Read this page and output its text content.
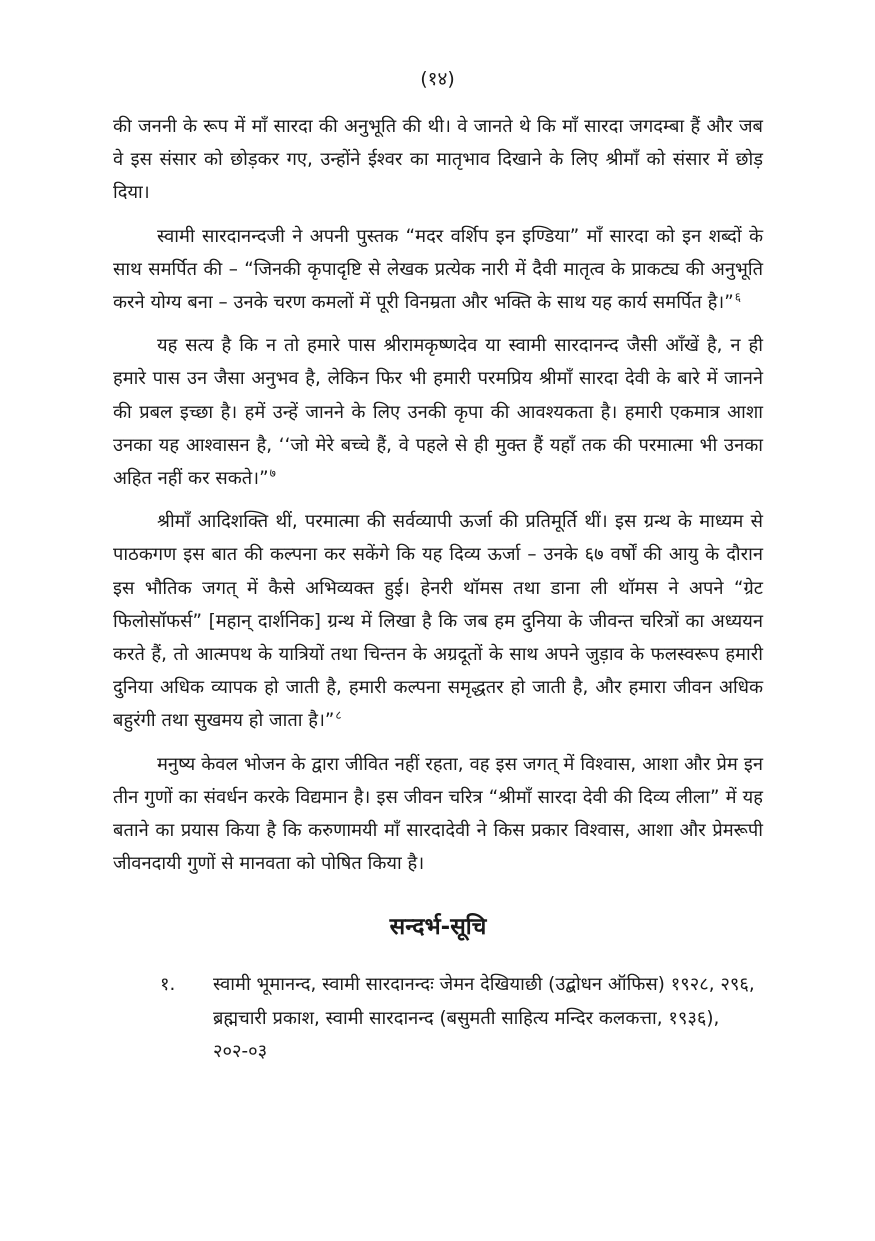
(१४)

की जननी के रूप में माँ सारदा की अनुभूति की थी। वे जानते थे कि माँ सारदा जगदम्बा हैं और जब वे इस संसार को छोड़कर गए, उन्होंने ईश्वर का मातृभाव दिखाने के लिए श्रीमाँ को संसार में छोड़ दिया।

स्वामी सारदानन्दजी ने अपनी पुस्तक “मदर वर्शिप इन इण्डिया” माँ सारदा को इन शब्दों के साथ समर्पित की – “जिनकी कृपादृष्टि से लेखक प्रत्येक नारी में दैवी मातृत्व के प्राकट्य की अनुभूति करने योग्य बना – उनके चरण कमलों में पूरी विनम्रता और भक्ति के साथ यह कार्य समर्पित है।”$^६$

यह सत्य है कि न तो हमारे पास श्रीरामकृष्णदेव या स्वामी सारदानन्द जैसी आँखें है, न ही हमारे पास उन जैसा अनुभव है, लेकिन फिर भी हमारी परमप्रिय श्रीमाँ सारदा देवी के बारे में जानने की प्रबल इच्छा है। हमें उन्हें जानने के लिए उनकी कृपा की आवश्यकता है। हमारी एकमात्र आशा उनका यह आश्वासन है, ‘‘जो मेरे बच्चे हैं, वे पहले से ही मुक्त हैं यहाँ तक की परमात्मा भी उनका अहित नहीं कर सकते।”$^७$

श्रीमाँ आदिशक्ति थीं, परमात्मा की सर्वव्यापी ऊर्जा की प्रतिमूर्ति थीं। इस ग्रन्थ के माध्यम से पाठकगण इस बात की कल्पना कर सकेंगे कि यह दिव्य ऊर्जा – उनके ६७ वर्षों की आयु के दौरान इस भौतिक जगत् में कैसे अभिव्यक्त हुई। हेनरी थॉमस तथा डाना ली थॉमस ने अपने “ग्रेट फिलोसॉफर्स” [महान् दार्शनिक] ग्रन्थ में लिखा है कि जब हम दुनिया के जीवन्त चरित्रों का अध्ययन करते हैं, तो आत्मपथ के यात्रियों तथा चिन्तन के अग्रदूतों के साथ अपने जुड़ाव के फलस्वरूप हमारी दुनिया अधिक व्यापक हो जाती है, हमारी कल्पना समृद्धतर हो जाती है, और हमारा जीवन अधिक बहुरंगी तथा सुखमय हो जाता है।”$^८$

मनुष्य केवल भोजन के द्वारा जीवित नहीं रहता, वह इस जगत् में विश्वास, आशा और प्रेम इन तीन गुणों का संवर्धन करके विद्यमान है। इस जीवन चरित्र “श्रीमाँ सारदा देवी की दिव्य लीला” में यह बताने का प्रयास किया है कि करुणामयी माँ सारदादेवी ने किस प्रकार विश्वास, आशा और प्रेमरूपी जीवनदायी गुणों से मानवता को पोषित किया है।

सन्दर्भ-सूचि
१. स्वामी भूमानन्द, स्वामी सारदानन्दः जेमन देखियाछी (उद्बोधन ऑफिस) १९२८, २९६, ब्रह्मचारी प्रकाश, स्वामी सारदानन्द (बसुमती साहित्य मन्दिर कलकत्ता, १९३६), २०२-०३
